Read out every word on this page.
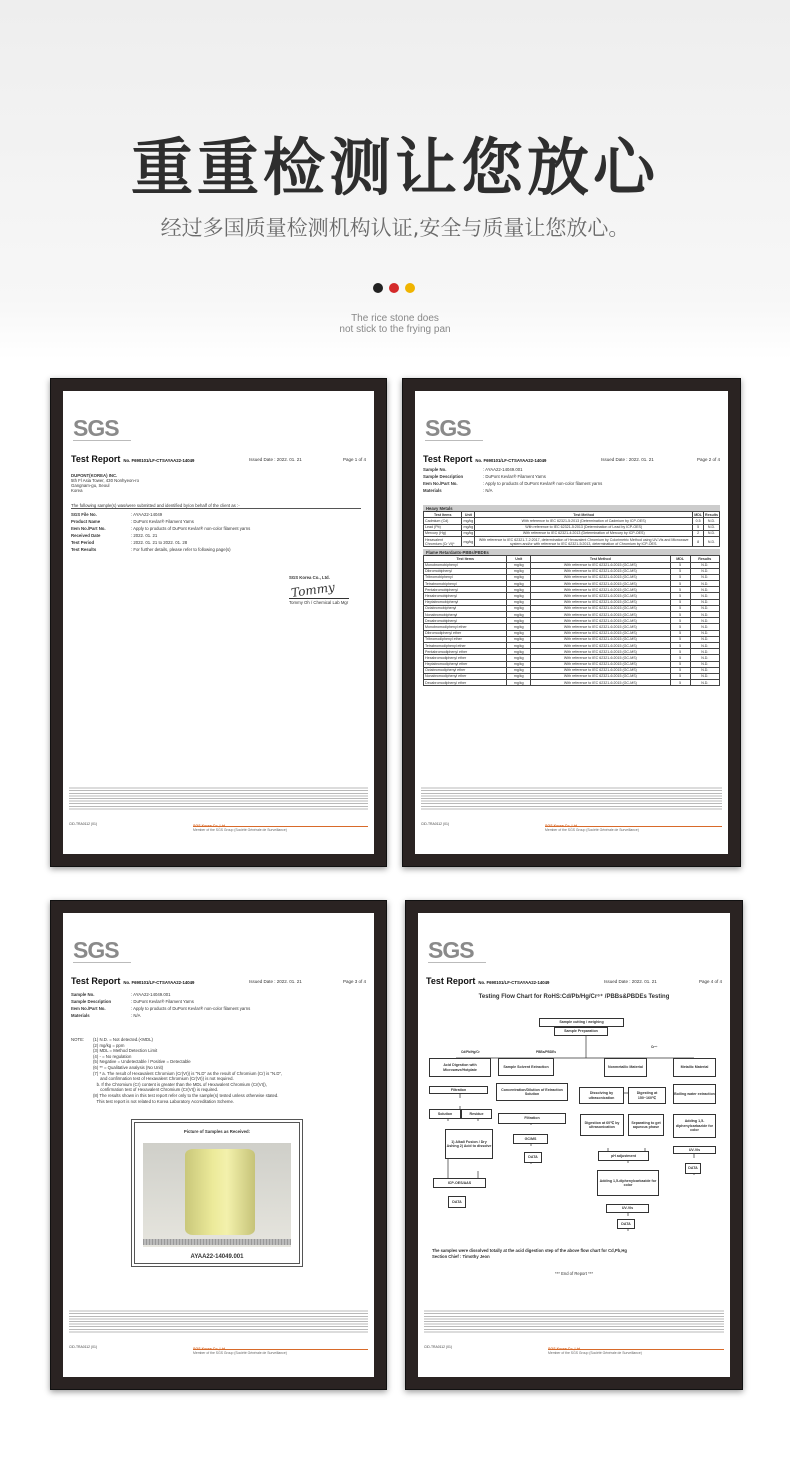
重重检测让您放心
经过多国质量检测机构认证,安全与质量让您放心。
The rice stone does
not stick to the frying pan
SGS
Test Report No. F690101/LF-CTSAYAA22-14049	Issued Date : 2022. 01. 21	Page 1 of 4
DUPONT(KOREA) INC.
5th Fl Asia Tower, 430 Nonhyeon-ro
Gangnam-gu, Seoul
Korea
The following sample(s) was/were submitted and identified by/on behalf of the client as :-
SGS File No.	: AYAA22-14049
Product Name	: DuPont Kevlar® Filament Yarns
Item No./Part No.	: Apply to products of DuPont Kevlar® non-color filament yarns
Received Date	: 2022. 01. 21
Test Period	: 2022. 01. 21 to 2022. 01. 28
Test Results	: For further details, please refer to following page(s)
SGS Korea Co., Ltd.
Tommy
Tommy Oh / Chemical Lab Mgr
CID-TRA0112 (01)	SGS Korea Co.,Ltd.
Member of the SGS Group (Société Générale de Surveillance)
SGS
Test Report No. F690101/LF-CTSAYAA22-14049	Issued Date : 2022. 01. 21	Page 2 of 4
Sample No.	: AYAA22-14049.001
Sample Description	: DuPont Kevlar® Filament Yarns
Item No./Part No.	: Apply to products of DuPont Kevlar® non-color filament yarns
Materials	: N/A
Heavy Metals
Test Items	Unit	Test Method	MDL	Results
Cadmium (Cd)	mg/kg	With reference to IEC 62321-5:2013 (Determination of Cadmium by ICP-OES)	0.5	N.D.
Lead (Pb)	mg/kg	With reference to IEC 62321-5:2013 (Determination of Lead by ICP-OES)	5	N.D.
Mercury (Hg)	mg/kg	With reference to IEC 62321-4:2013 (Determination of Mercury by ICP-OES)	2	N.D.
Hexavalent Chromium (Cr VI)*	mg/kg	With reference to IEC 62321-7-2:2017, determination of Hexavalent Chromium by Colorimetric Method using UV-Vis and Microwave system and/or with reference to IEC 62321-5:2013, determination of Chromium by ICP-OES.	8	N.D.
Flame Retardants-PBBs/PBDEs
Test Items	Unit	Test Method	MDL	Results
Monobromobiphenyl	mg/kg	With reference to IEC 62321-6:2015 (GC-MS)	5	N.D.
Dibromobiphenyl	mg/kg	With reference to IEC 62321-6:2015 (GC-MS)	5	N.D.
Tribromobiphenyl	mg/kg	With reference to IEC 62321-6:2015 (GC-MS)	5	N.D.
Tetrabromobiphenyl	mg/kg	With reference to IEC 62321-6:2015 (GC-MS)	5	N.D.
Pentabromobiphenyl	mg/kg	With reference to IEC 62321-6:2015 (GC-MS)	5	N.D.
Hexabromobiphenyl	mg/kg	With reference to IEC 62321-6:2015 (GC-MS)	5	N.D.
Heptabromobiphenyl	mg/kg	With reference to IEC 62321-6:2015 (GC-MS)	5	N.D.
Octabromobiphenyl	mg/kg	With reference to IEC 62321-6:2015 (GC-MS)	5	N.D.
Nonabromobiphenyl	mg/kg	With reference to IEC 62321-6:2015 (GC-MS)	5	N.D.
Decabromobiphenyl	mg/kg	With reference to IEC 62321-6:2015 (GC-MS)	5	N.D.
Monobromodiphenyl ether	mg/kg	With reference to IEC 62321-6:2015 (GC-MS)	5	N.D.
Dibromodiphenyl ether	mg/kg	With reference to IEC 62321-6:2015 (GC-MS)	5	N.D.
Tribromodiphenyl ether	mg/kg	With reference to IEC 62321-6:2015 (GC-MS)	5	N.D.
Tetrabromodiphenyl ether	mg/kg	With reference to IEC 62321-6:2015 (GC-MS)	5	N.D.
Pentabromodiphenyl ether	mg/kg	With reference to IEC 62321-6:2015 (GC-MS)	5	N.D.
Hexabromodiphenyl ether	mg/kg	With reference to IEC 62321-6:2015 (GC-MS)	5	N.D.
Heptabromodiphenyl ether	mg/kg	With reference to IEC 62321-6:2015 (GC-MS)	5	N.D.
Octabromodiphenyl ether	mg/kg	With reference to IEC 62321-6:2015 (GC-MS)	5	N.D.
Nonabromodiphenyl ether	mg/kg	With reference to IEC 62321-6:2015 (GC-MS)	5	N.D.
Decabromodiphenyl ether	mg/kg	With reference to IEC 62321-6:2015 (GC-MS)	5	N.D.
CID-TRA0112 (01)	SGS Korea Co.,Ltd.
Member of the SGS Group (Société Générale de Surveillance)
SGS
Test Report No. F690101/LF-CTSAYAA22-14049	Issued Date : 2022. 01. 21	Page 3 of 4
Sample No.	: AYAA22-14049.001
Sample Description	: DuPont Kevlar® Filament Yarns
Item No./Part No.	: Apply to products of DuPont Kevlar® non-color filament yarns
Materials	: N/A
NOTE: (1) N.D. = Not detected.(<MDL)
(2) mg/kg = ppm
(3) MDL = Method Detection Limit
(4) - = No regulation
(5) Negative = Undetectable / Positive = Detectable
(6) ** = Qualitative analysis (No Unit)
(7) * a. The result of Hexavalent Chromium (Cr(VI)) is "N.D" as the result of Chromium (Cr) is "N.D",
and confirmation test of Hexavalent Chromium (Cr(VI)) is not required.
b. If the Chromium (Cr) content is greater than the MDL of Hexavalent Chromium (Cr(VI)),
confirmation test of Hexavalent Chromium (Cr(VI)) is required.
(8) The results shown in this test report refer only to the sample(s) tested unless otherwise stated.
This test report is not related to Korea Laboratory Accreditation Scheme.
Picture of Samples as Received:
AYAA22-14049.001
CID-TRA0112 (01)	SGS Korea Co.,Ltd.
Member of the SGS Group (Société Générale de Surveillance)
SGS
Test Report No. F690101/LF-CTSAYAA22-14049	Issued Date : 2022. 01. 21	Page 4 of 4
Testing Flow Chart for RoHS:Cd/Pb/Hg/Cr⁶⁺ /PBBs&PBDEs Testing
Sample cutting / weighing
Sample Preparation
Acid Digestion with Microwave/Hotplate
Sample Solvent Extraction	Nonmetallic Material	Metallic Material
Filtration	Concentration/Dilution of Extraction Solution	Dissolving by ultrasonication
Digesting at 150~160℃
Boiling water extraction
Solution	Residue
Filtration
Digestion at 60℃ by ultrasonication
Separating to get aqueous phase
Adding 1,5-diphenylcarbazide for color
1) Alkali Fusion / Dry Ashing 2) Acid to dissolve
GC/MS
DATA
UV-Vis
DATA
pH adjustment
Adding 1,5-diphenylcarbazide for color
ICP-OES/AAS
DATA
UV-Vis
DATA
Cd/Pb/Hg/Cr	PBBs/PBDEs
Cr⁶⁺
The samples were dissolved totally at the acid digestion step of the above flow chart for Cd,Pb,Hg
Section Chief : Timothy Jeon
*** End of Report ***
CID-TRA0112 (01)	SGS Korea Co.,Ltd.
Member of the SGS Group (Société Générale de Surveillance)
